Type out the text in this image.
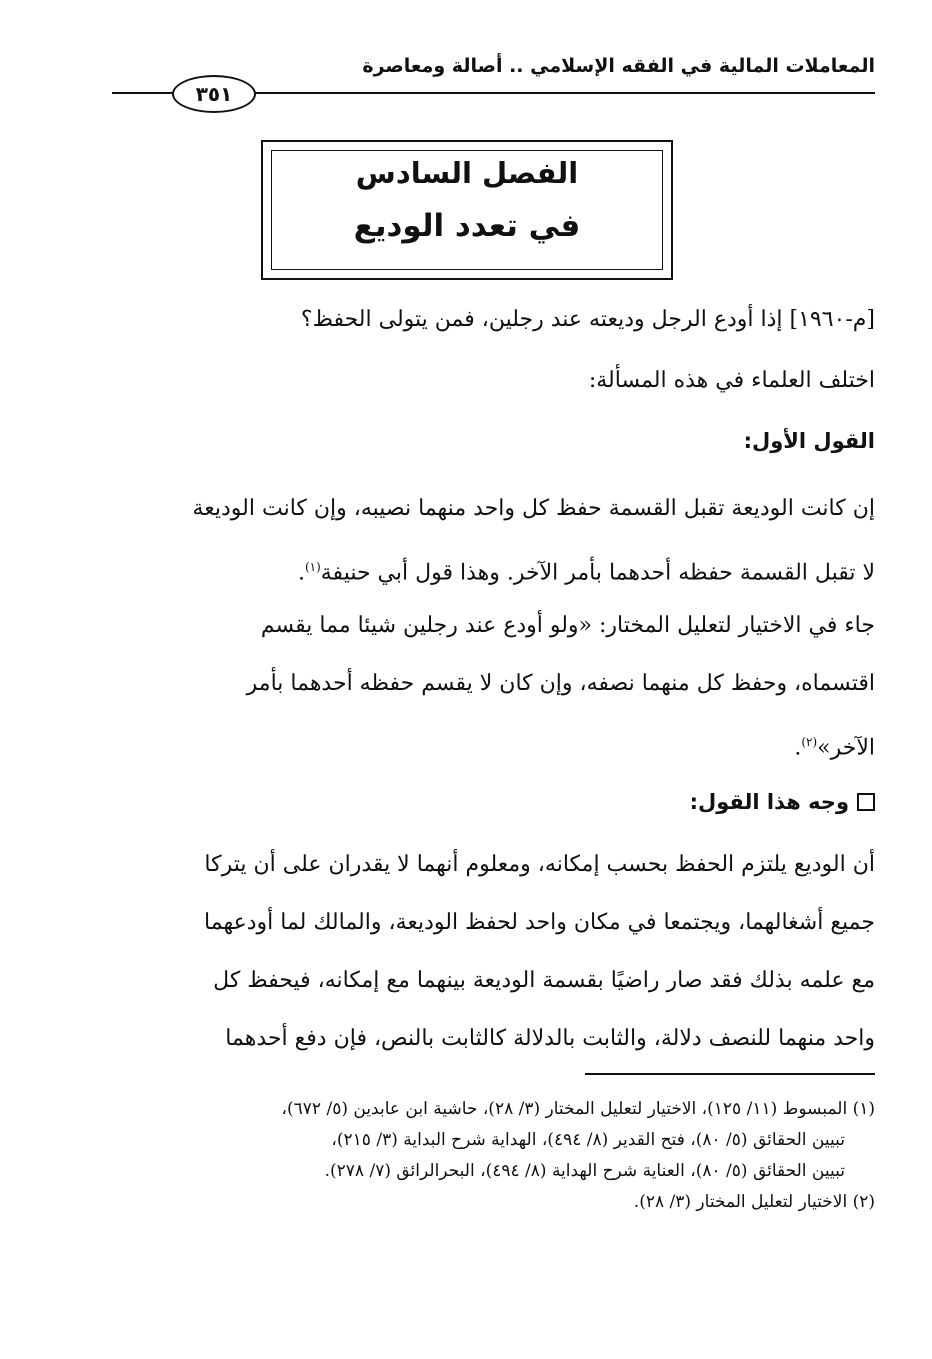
المعاملات المالية في الفقه الإسلامي .. أصالة ومعاصرة
٣٥١
الفصل السادس
في تعدد الوديع
[م-١٩٦٠] إذا أودع الرجل وديعته عند رجلين، فمن يتولى الحفظ؟
اختلف العلماء في هذه المسألة:
القول الأول:
إن كانت الوديعة تقبل القسمة حفظ كل واحد منهما نصيبه، وإن كانت الوديعة
لا تقبل القسمة حفظه أحدهما بأمر الآخر. وهذا قول أبي حنيفة$^{(١)}$.
جاء في الاختيار لتعليل المختار: «ولو أودع عند رجلين شيئا مما يقسم
اقتسماه، وحفظ كل منهما نصفه، وإن كان لا يقسم حفظه أحدهما بأمر
الآخر»$^{(٢)}$.
وجه هذا القول:
أن الوديع يلتزم الحفظ بحسب إمكانه، ومعلوم أنهما لا يقدران على أن يتركا
جميع أشغالهما، ويجتمعا في مكان واحد لحفظ الوديعة، والمالك لما أودعهما
مع علمه بذلك فقد صار راضيًا بقسمة الوديعة بينهما مع إمكانه، فيحفظ كل
واحد منهما للنصف دلالة، والثابت بالدلالة كالثابت بالنص، فإن دفع أحدهما
(١) المبسوط (١١/ ١٢٥)، الاختيار لتعليل المختار (٣/ ٢٨)، حاشية ابن عابدين (٥/ ٦٧٢)،
تبيين الحقائق (٥/ ٨٠)، فتح القدير (٨/ ٤٩٤)، الهداية شرح البداية (٣/ ٢١٥)،
تبيين الحقائق (٥/ ٨٠)، العناية شرح الهداية (٨/ ٤٩٤)، البحرالرائق (٧/ ٢٧٨).
(٢) الاختيار لتعليل المختار (٣/ ٢٨).
